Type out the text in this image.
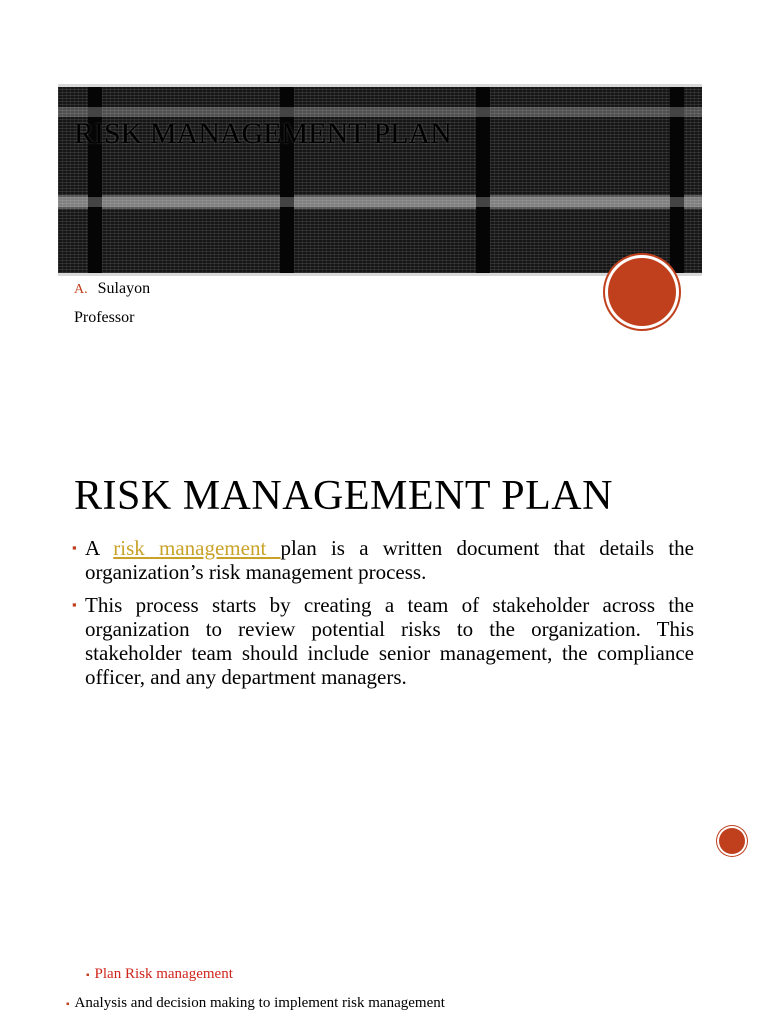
RISK MANAGEMENT PLAN
A. Sulayon
Professor
RISK MANAGEMENT PLAN
▪ A risk management plan is a written document that details the organization’s risk management process.
▪ This process starts by creating a team of stakeholder across the organization to review potential risks to the organization. This stakeholder team should include senior management, the compliance officer, and any department managers.
▪ Plan Risk management
▪ Analysis and decision making to implement risk management
